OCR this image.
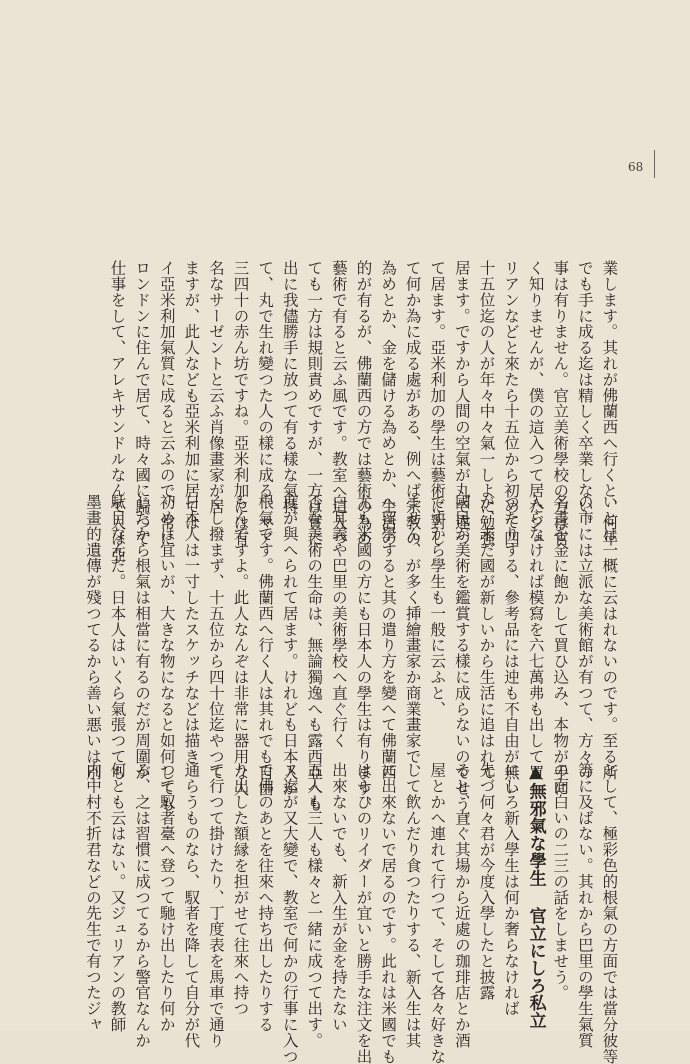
68

業します。其れが佛蘭西へ行くと、何年
でも手に成る迄は精しく卒業しない。
事は有りません。官立美術學校の方は官
く知りませんが、僕の這入つて居たジュ
リアンなどと來たら十五位から初めて四
十五位迄の人が年々中々氣一しよに勉強
居ます。ですから人間の空氣が丸で違つ
て居ます。亞米利加の學生は藝術に對し
て何か為に成る處がある、例へば宗敎の
為めとか、金を儲ける為めとか、生活の
的が有るが、佛蘭西の方では藝術の為め
藝術で有ると云ふ風です。教室へ這入つ
ても一方は規則責めですが、一方は實に
出に我儘勝手に放つて有る樣な氣持
て、丸で生れ變つた人の樣に成る。マア
三四十の赤ん坊ですね。亞米利加には有
名なサーゼントと云ふ肖像畫家が居
ますが、此人なども亞米利加に居ては
イ亞米利加氣質に成ると云ふので、常に
ロンドンに住んで居て、時々國に歸つて
仕事をして、アレキサンドルなんて人は亞

いとは一概に云はれないのです。至る所
の市には立派な美術館が有つて、方々の
名畫を金に飽かして買ひ込み、本物が手に
入らなければ模寫を六七萬弗も出して買
つたりする、參考品には迚も不自由が無い
が、未だ國が新しいから生活に追はれて
國民が美術を鑑賞する樣に成らないのでせう。
ですから學生も一般に云ふと、
ません、が多く挿繪畫家か商業畫家で、
へ留學すると其の遣り方を變へて佛蘭西
尤も米國の方にも日本人の學生は有ります、
白耳義や巴里の美術學校へ直ぐ行く
否な美術の生命は、無論獨逸へも露西亞へも
度が與へられて居ます。けれども日本人が
根氣です。佛蘭西へ行く人は其れでも自由
もんですよ。此人なんぞは非常に器用な人
くし撥まず、十五位から四十位迄やつて
日本人は一寸したスケッチなどは描き
初めは宜いが、大きな物になると如何しても
じだから根氣は相當に有るのだが周圍が
駄目なんだ。日本人はいくら氣張つても
墨畫的遺傳が殘つてるから善い悪いは別

として、極彩色的根氣の方面では當分彼等
等に及ばない。其れから巴里の學生氣質
の面白いの二三の話をしませう。
▲無邪氣な學生 官立にしろ私立
にしろ新入學生は何か奢らなければ
先づ何々君が今度入學したと披露
ると、直ぐ其場から近處の珈琲店とか酒
屋とかへ連れて行つて、そして各々好きな
して飲んだり食つたりする、新入生は其
に出來ないで居るのです。此れは米國でも
はらひのリイダーが宜いと勝手な注文を出
出來ないでも、新入生が金を持たない
五人も三人も樣々と一緒に成つて出す。
ヌ迄が又大變で、教室で何かの行事に入つ
で佛のあとを往來へ持ち出したりする
り出した額縁を担がせて往來へ持つ
て行つて掛けたり、丁度表を馬車で通り
通らうものなら、馭者を降して自分が代
つて馭者臺へ登つて馳け出したり何か
る、之は習慣に成つてるから警官なんか
何とも云はない。又ジュリアンの教師
内中村不折君などの先生で有つたジャ
